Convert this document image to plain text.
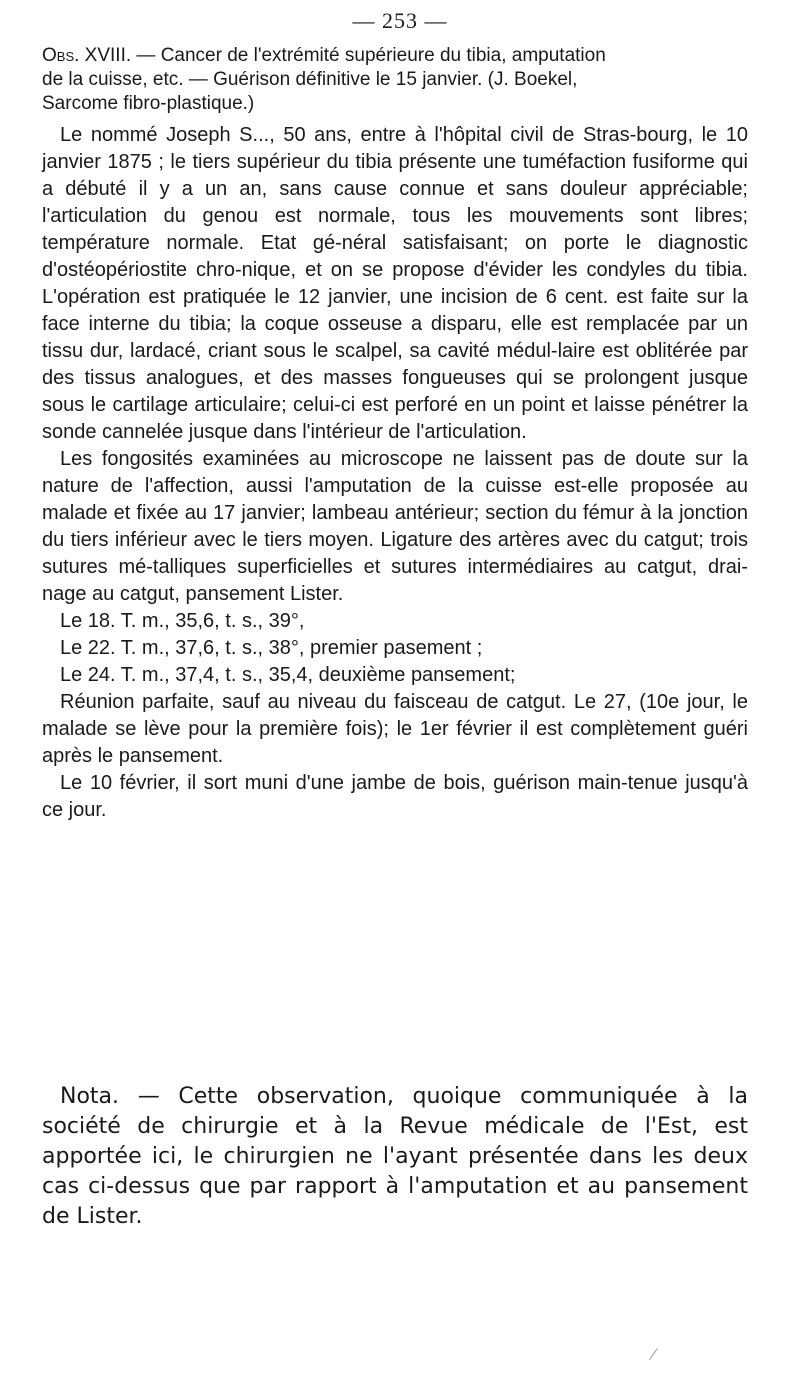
— 253 —
Obs. XVIII. — Cancer de l'extrémité supérieure du tibia, amputation
de la cuisse, etc. — Guérison définitive le 15 janvier. (J. Boekel,
Sarcome fibro-plastique.)

Le nommé Joseph S..., 50 ans, entre à l'hôpital civil de Stras-bourg, le 10 janvier 1875 ; le tiers supérieur du tibia présente une tuméfaction fusiforme qui a débuté il y a un an, sans cause connue et sans douleur appréciable; l'articulation du genou est normale, tous les mouvements sont libres; température normale. Etat gé-néral satisfaisant; on porte le diagnostic d'ostéopériostite chro-nique, et on se propose d'évider les condyles du tibia. L'opération est pratiquée le 12 janvier, une incision de 6 cent. est faite sur la face interne du tibia; la coque osseuse a disparu, elle est remplacée par un tissu dur, lardacé, criant sous le scalpel, sa cavité médul-laire est oblitérée par des tissus analogues, et des masses fongueuses qui se prolongent jusque sous le cartilage articulaire; celui-ci est perforé en un point et laisse pénétrer la sonde cannelée jusque dans l'intérieur de l'articulation.

Les fongosités examinées au microscope ne laissent pas de doute sur la nature de l'affection, aussi l'amputation de la cuisse est-elle proposée au malade et fixée au 17 janvier; lambeau antérieur; section du fémur à la jonction du tiers inférieur avec le tiers moyen. Ligature des artères avec du catgut; trois sutures mé-talliques superficielles et sutures intermédiaires au catgut, drai-nage au catgut, pansement Lister.

Le 18. T. m., 35,6, t. s., 39°,

Le 22. T. m., 37,6, t. s., 38°, premier pasement ;

Le 24. T. m., 37,4, t. s., 35,4, deuxième pansement;

Réunion parfaite, sauf au niveau du faisceau de catgut. Le 27, (10e jour, le malade se lève pour la première fois); le 1er février il est complètement guéri après le pansement.

Le 10 février, il sort muni d'une jambe de bois, guérison main-tenue jusqu'à ce jour.

Nota. — Cette observation, quoique communiquée à la société de chirurgie et à la Revue médicale de l'Est, est apportée ici, le chirurgien ne l'ayant présentée dans les deux cas ci-dessus que par rapport à l'amputation et au pansement de Lister.
